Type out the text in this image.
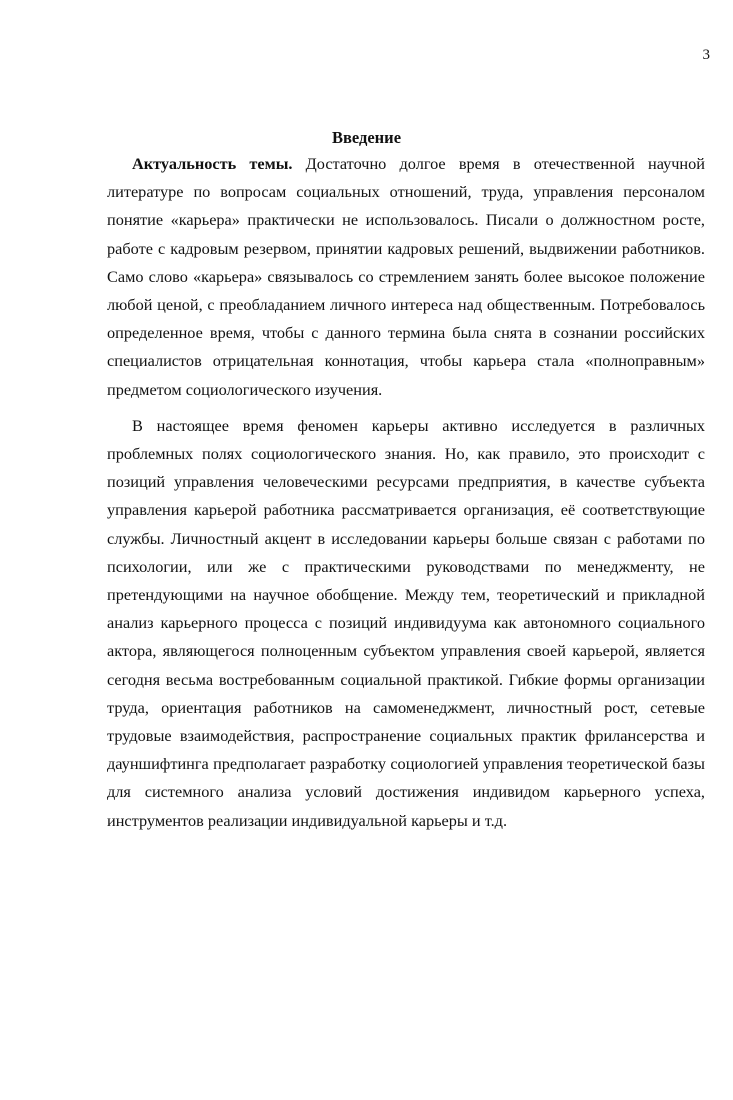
3
Введение

Актуальность темы. Достаточно долгое время в отечественной научной литературе по вопросам социальных отношений, труда, управления персоналом понятие «карьера» практически не использовалось. Писали о должностном росте, работе с кадровым резервом, принятии кадровых решений, выдвижении работников. Само слово «карьера» связывалось со стремлением занять более высокое положение любой ценой, с преобладанием личного интереса над общественным. Потребовалось определенное время, чтобы с данного термина была снята в сознании российских специалистов отрицательная коннотация, чтобы карьера стала «полноправным» предметом социологического изучения.

В настоящее время феномен карьеры активно исследуется в различных проблемных полях социологического знания. Но, как правило, это происходит с позиций управления человеческими ресурсами предприятия, в качестве субъекта управления карьерой работника рассматривается организация, её соответствующие службы. Личностный акцент в исследовании карьеры больше связан с работами по психологии, или же с практическими руководствами по менеджменту, не претендующими на научное обобщение. Между тем, теоретический и прикладной анализ карьерного процесса с позиций индивидуума как автономного социального актора, являющегося полноценным субъектом управления своей карьерой, является сегодня весьма востребованным социальной практикой. Гибкие формы организации труда, ориентация работников на самоменеджмент, личностный рост, сетевые трудовые взаимодействия, распространение социальных практик фрилансерства и дауншифтинга предполагает разработку социологией управления теоретической базы для системного анализа условий достижения индивидом карьерного успеха, инструментов реализации индивидуальной карьеры и т.д.
